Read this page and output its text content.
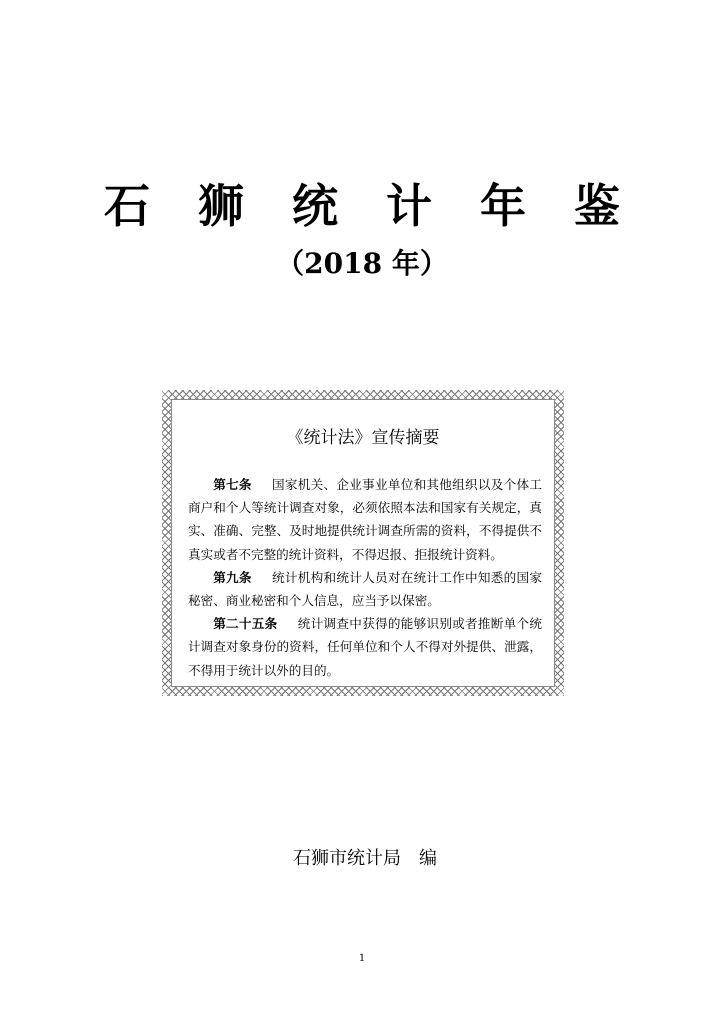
石 狮 统 计 年 鉴
（2018 年）
《统计法》宣传摘要

第七条 国家机关、企业事业单位和其他组织以及个体工商户和个人等统计调查对象，必须依照本法和国家有关规定，真实、准确、完整、及时地提供统计调查所需的资料，不得提供不真实或者不完整的统计资料，不得迟报、拒报统计资料。

第九条 统计机构和统计人员对在统计工作中知悉的国家秘密、商业秘密和个人信息，应当予以保密。

第二十五条 统计调查中获得的能够识别或者推断单个统计调查对象身份的资料，任何单位和个人不得对外提供、泄露，不得用于统计以外的目的。

石狮市统计局　编
1
